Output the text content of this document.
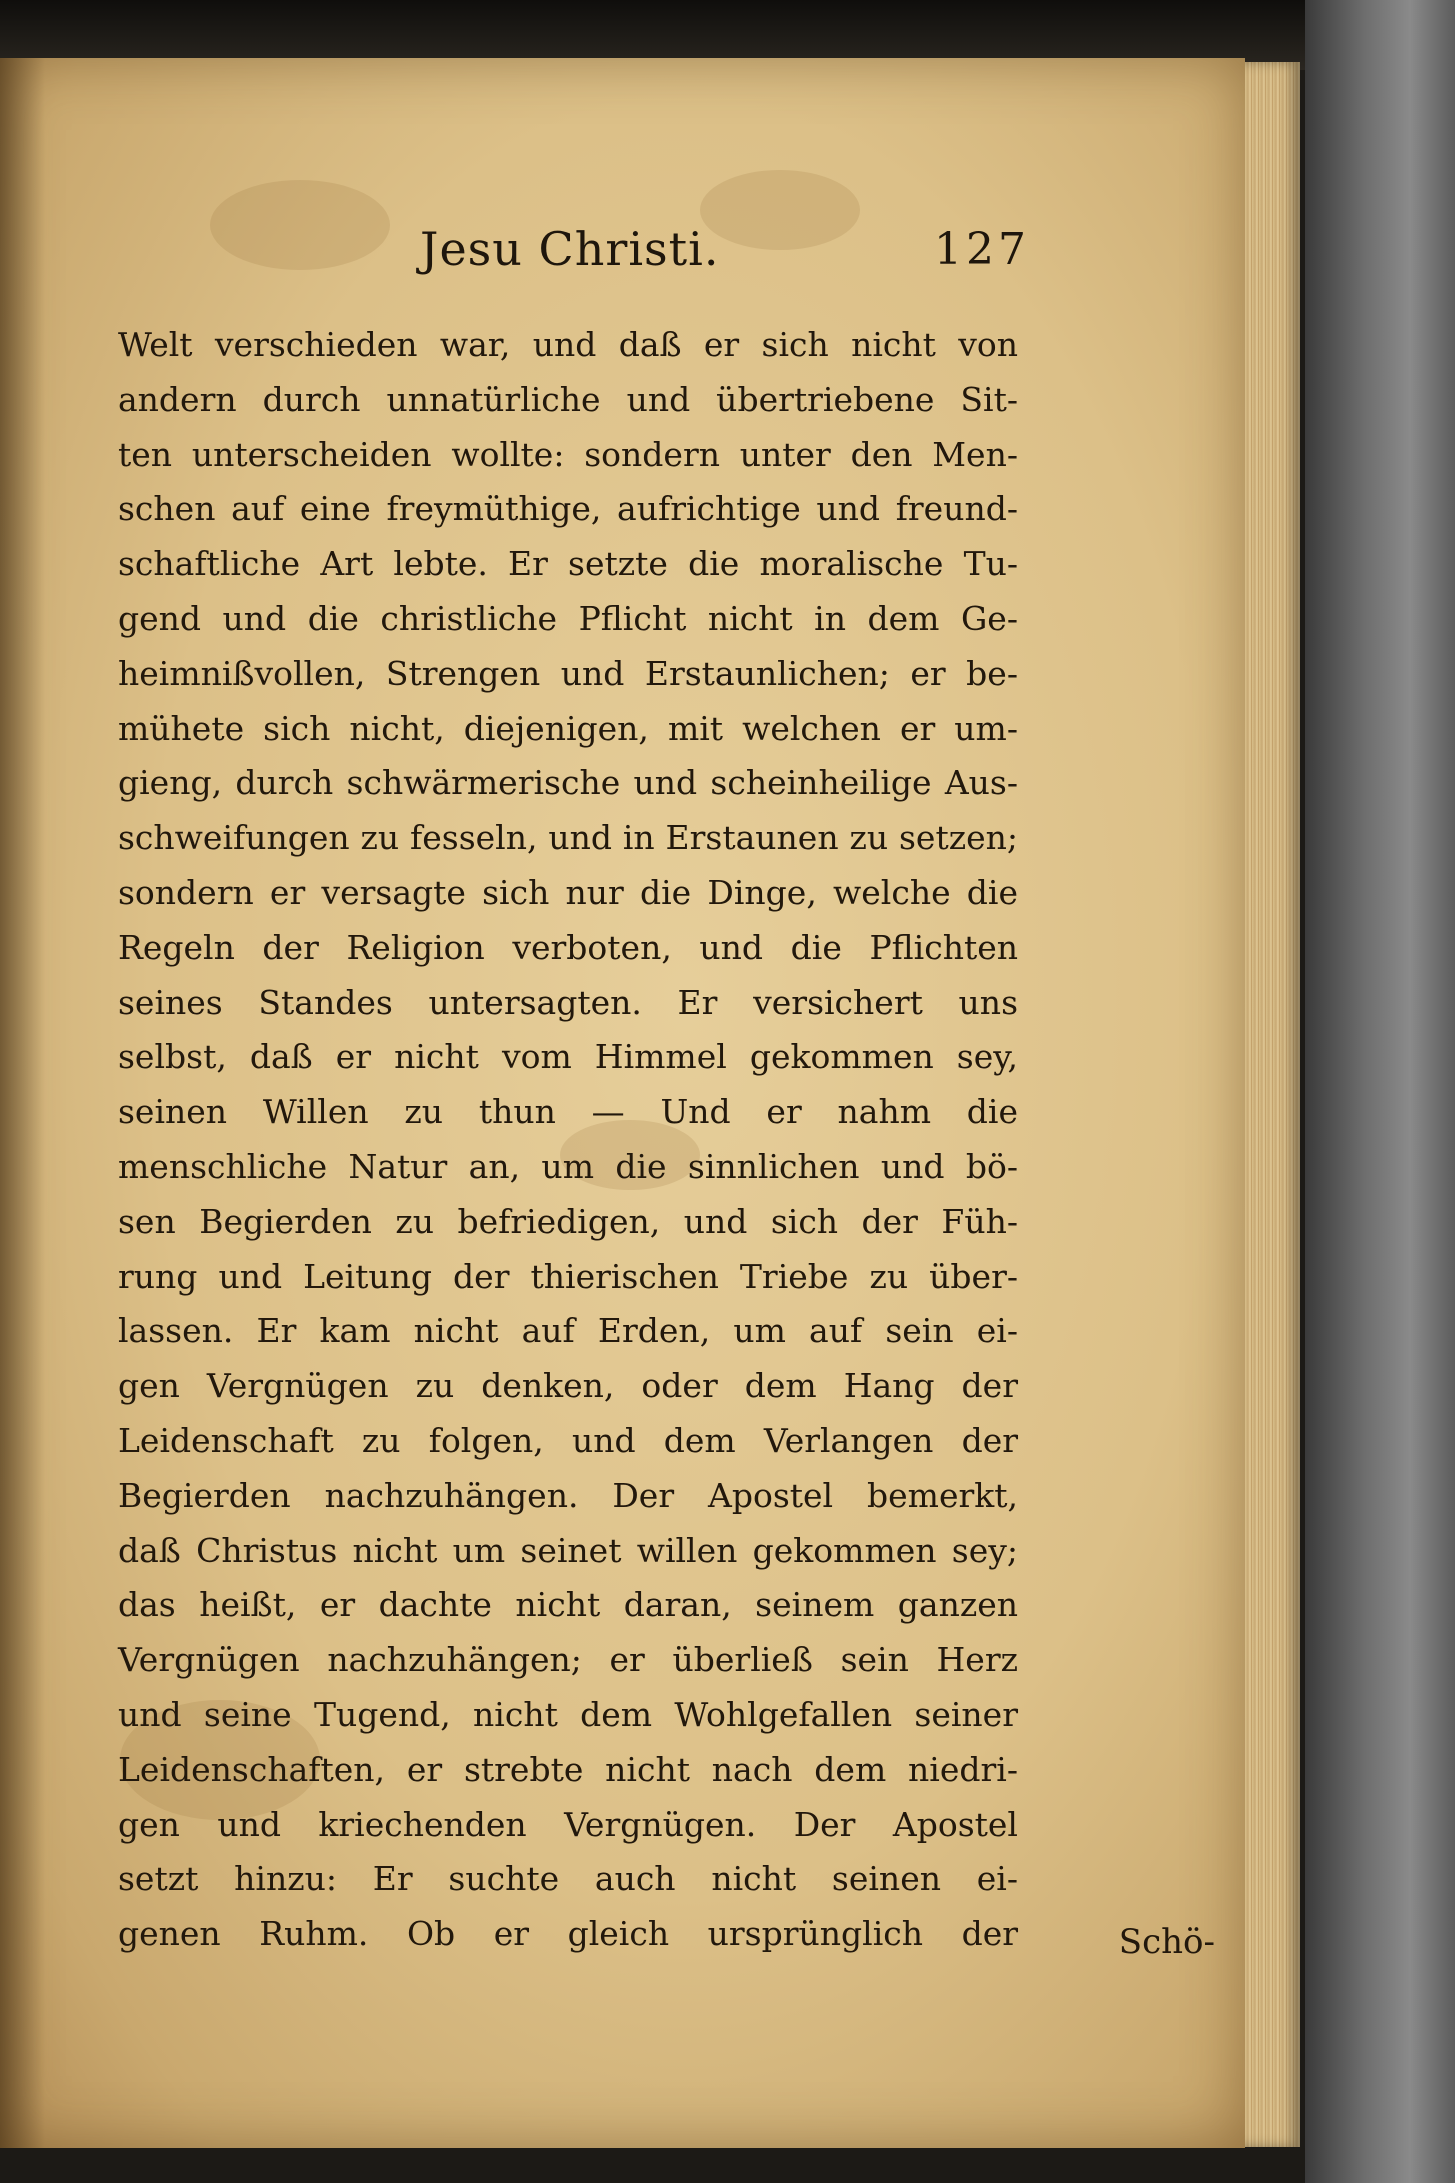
Jesu Christi.	127
Welt verschieden war, und daß er sich nicht von
andern durch unnatürliche und übertriebene Sit-
ten unterscheiden wollte: sondern unter den Men-
schen auf eine freymüthige, aufrichtige und freund-
schaftliche Art lebte. Er setzte die moralische Tu-
gend und die christliche Pflicht nicht in dem Ge-
heimnißvollen, Strengen und Erstaunlichen; er be-
mühete sich nicht, diejenigen, mit welchen er um-
gieng, durch schwärmerische und scheinheilige Aus-
schweifungen zu fesseln, und in Erstaunen zu setzen;
sondern er versagte sich nur die Dinge, welche die
Regeln der Religion verboten, und die Pflichten
seines Standes untersagten. Er versichert uns
selbst, daß er nicht vom Himmel gekommen sey,
seinen Willen zu thun — Und er nahm die
menschliche Natur an, um die sinnlichen und bö-
sen Begierden zu befriedigen, und sich der Füh-
rung und Leitung der thierischen Triebe zu über-
lassen. Er kam nicht auf Erden, um auf sein ei-
gen Vergnügen zu denken, oder dem Hang der
Leidenschaft zu folgen, und dem Verlangen der
Begierden nachzuhängen. Der Apostel bemerkt,
daß Christus nicht um seinet willen gekommen sey;
das heißt, er dachte nicht daran, seinem ganzen
Vergnügen nachzuhängen; er überließ sein Herz
und seine Tugend, nicht dem Wohlgefallen seiner
Leidenschaften, er strebte nicht nach dem niedri-
gen und kriechenden Vergnügen. Der Apostel
setzt hinzu: Er suchte auch nicht seinen ei-
genen Ruhm. Ob er gleich ursprünglich der	Schö-
